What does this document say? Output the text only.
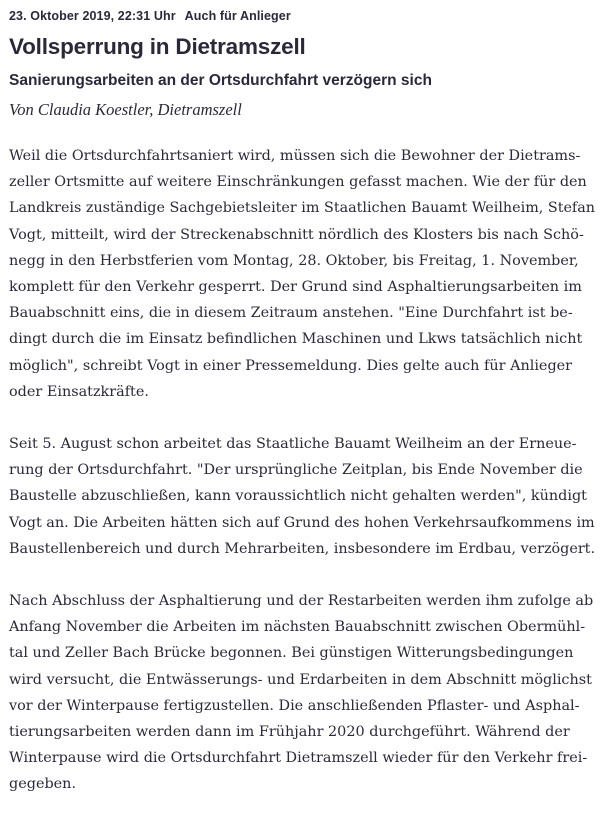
23. Oktober 2019, 22:31 Uhr Auch für Anlieger
Vollsperrung in Dietramszell
Sanierungsarbeiten an der Ortsdurchfahrt verzögern sich
Von Claudia Koestler, Dietramszell

Weil die Ortsdurchfahrtsaniert wird, müssen sich die Bewohner der Dietrams-
zeller Ortsmitte auf weitere Einschränkungen gefasst machen. Wie der für den
Landkreis zuständige Sachgebietsleiter im Staatlichen Bauamt Weilheim, Stefan
Vogt, mitteilt, wird der Streckenabschnitt nördlich des Klosters bis nach Schö-
negg in den Herbstferien vom Montag, 28. Oktober, bis Freitag, 1. November,
komplett für den Verkehr gesperrt. Der Grund sind Asphaltierungsarbeiten im
Bauabschnitt eins, die in diesem Zeitraum anstehen. "Eine Durchfahrt ist be-
dingt durch die im Einsatz befindlichen Maschinen und Lkws tatsächlich nicht
möglich", schreibt Vogt in einer Pressemeldung. Dies gelte auch für Anlieger
oder Einsatzkräfte.

Seit 5. August schon arbeitet das Staatliche Bauamt Weilheim an der Erneue-
rung der Ortsdurchfahrt. "Der ursprüngliche Zeitplan, bis Ende November die
Baustelle abzuschließen, kann voraussichtlich nicht gehalten werden", kündigt
Vogt an. Die Arbeiten hätten sich auf Grund des hohen Verkehrsaufkommens im
Baustellenbereich und durch Mehrarbeiten, insbesondere im Erdbau, verzögert.

Nach Abschluss der Asphaltierung und der Restarbeiten werden ihm zufolge ab
Anfang November die Arbeiten im nächsten Bauabschnitt zwischen Obermühl-
tal und Zeller Bach Brücke begonnen. Bei günstigen Witterungsbedingungen
wird versucht, die Entwässerungs- und Erdarbeiten in dem Abschnitt möglichst
vor der Winterpause fertigzustellen. Die anschließenden Pflaster- und Asphal-
tierungsarbeiten werden dann im Frühjahr 2020 durchgeführt. Während der
Winterpause wird die Ortsdurchfahrt Dietramszell wieder für den Verkehr frei-
gegeben.
